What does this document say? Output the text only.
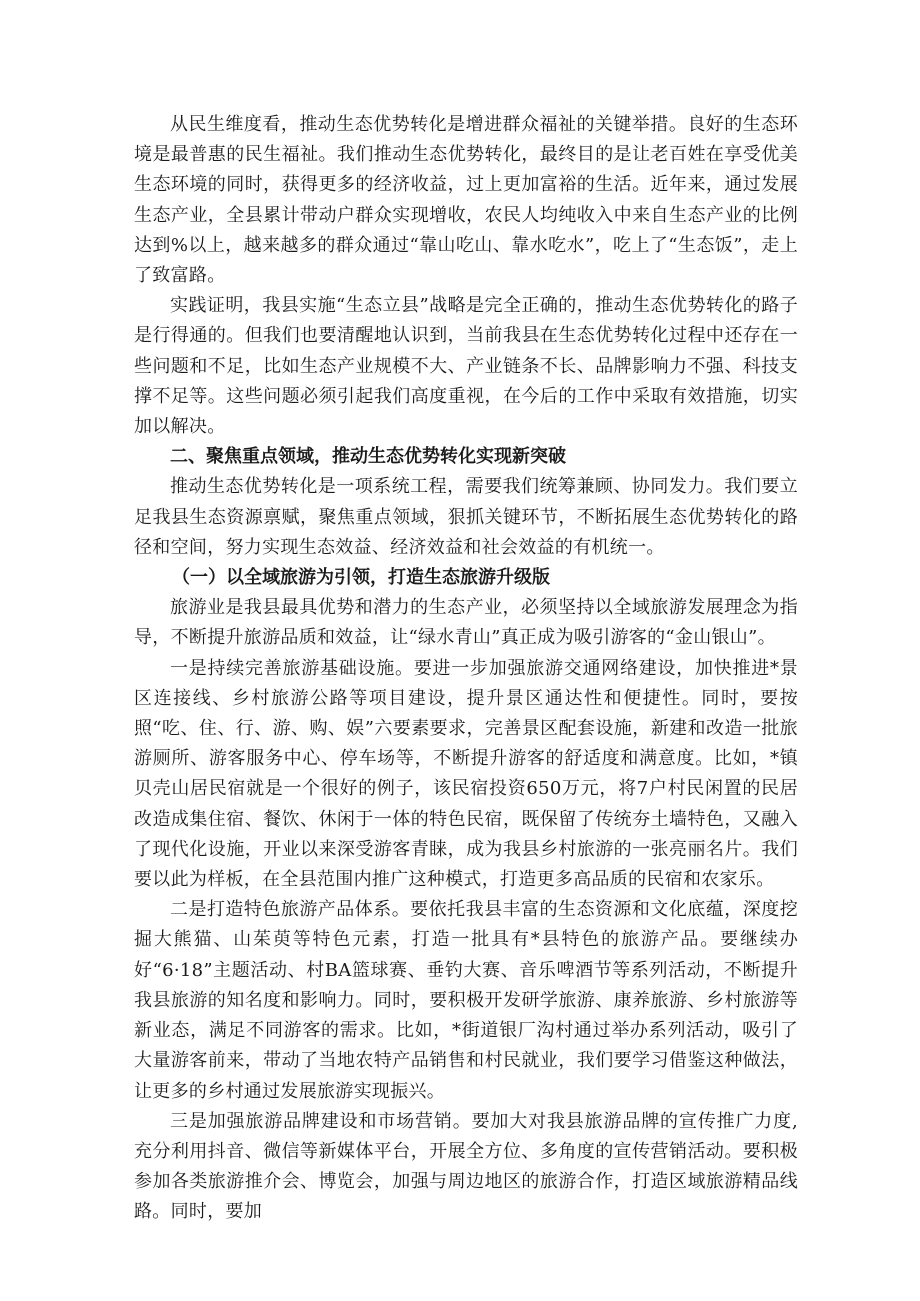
从民生维度看，推动生态优势转化是增进群众福祉的关键举措。良好的生态环境是最普惠的民生福祉。我们推动生态优势转化，最终目的是让老百姓在享受优美生态环境的同时，获得更多的经济收益，过上更加富裕的生活。近年来，通过发展生态产业，全县累计带动户群众实现增收，农民人均纯收入中来自生态产业的比例达到%以上，越来越多的群众通过“靠山吃山、靠水吃水”，吃上了“生态饭”，走上了致富路。

实践证明，我县实施“生态立县”战略是完全正确的，推动生态优势转化的路子是行得通的。但我们也要清醒地认识到，当前我县在生态优势转化过程中还存在一些问题和不足，比如生态产业规模不大、产业链条不长、品牌影响力不强、科技支撑不足等。这些问题必须引起我们高度重视，在今后的工作中采取有效措施，切实加以解决。

二、聚焦重点领域，推动生态优势转化实现新突破

推动生态优势转化是一项系统工程，需要我们统筹兼顾、协同发力。我们要立足我县生态资源禀赋，聚焦重点领域，狠抓关键环节，不断拓展生态优势转化的路径和空间，努力实现生态效益、经济效益和社会效益的有机统一。

（一）以全域旅游为引领，打造生态旅游升级版

旅游业是我县最具优势和潜力的生态产业，必须坚持以全域旅游发展理念为指导，不断提升旅游品质和效益，让“绿水青山”真正成为吸引游客的“金山银山”。

一是持续完善旅游基础设施。要进一步加强旅游交通网络建设，加快推进*景区连接线、乡村旅游公路等项目建设，提升景区通达性和便捷性。同时，要按照“吃、住、行、游、购、娱”六要素要求，完善景区配套设施，新建和改造一批旅游厕所、游客服务中心、停车场等，不断提升游客的舒适度和满意度。比如，*镇贝壳山居民宿就是一个很好的例子，该民宿投资650万元，将7户村民闲置的民居改造成集住宿、餐饮、休闲于一体的特色民宿，既保留了传统夯土墙特色，又融入了现代化设施，开业以来深受游客青睐，成为我县乡村旅游的一张亮丽名片。我们要以此为样板，在全县范围内推广这种模式，打造更多高品质的民宿和农家乐。

二是打造特色旅游产品体系。要依托我县丰富的生态资源和文化底蕴，深度挖掘大熊猫、山茱萸等特色元素，打造一批具有*县特色的旅游产品。要继续办好“6·18”主题活动、村BA篮球赛、垂钓大赛、音乐啤酒节等系列活动，不断提升我县旅游的知名度和影响力。同时，要积极开发研学旅游、康养旅游、乡村旅游等新业态，满足不同游客的需求。比如，*街道银厂沟村通过举办系列活动，吸引了大量游客前来，带动了当地农特产品销售和村民就业，我们要学习借鉴这种做法，让更多的乡村通过发展旅游实现振兴。

三是加强旅游品牌建设和市场营销。要加大对我县旅游品牌的宣传推广力度,充分利用抖音、微信等新媒体平台，开展全方位、多角度的宣传营销活动。要积极参加各类旅游推介会、博览会，加强与周边地区的旅游合作，打造区域旅游精品线路。同时，要加
